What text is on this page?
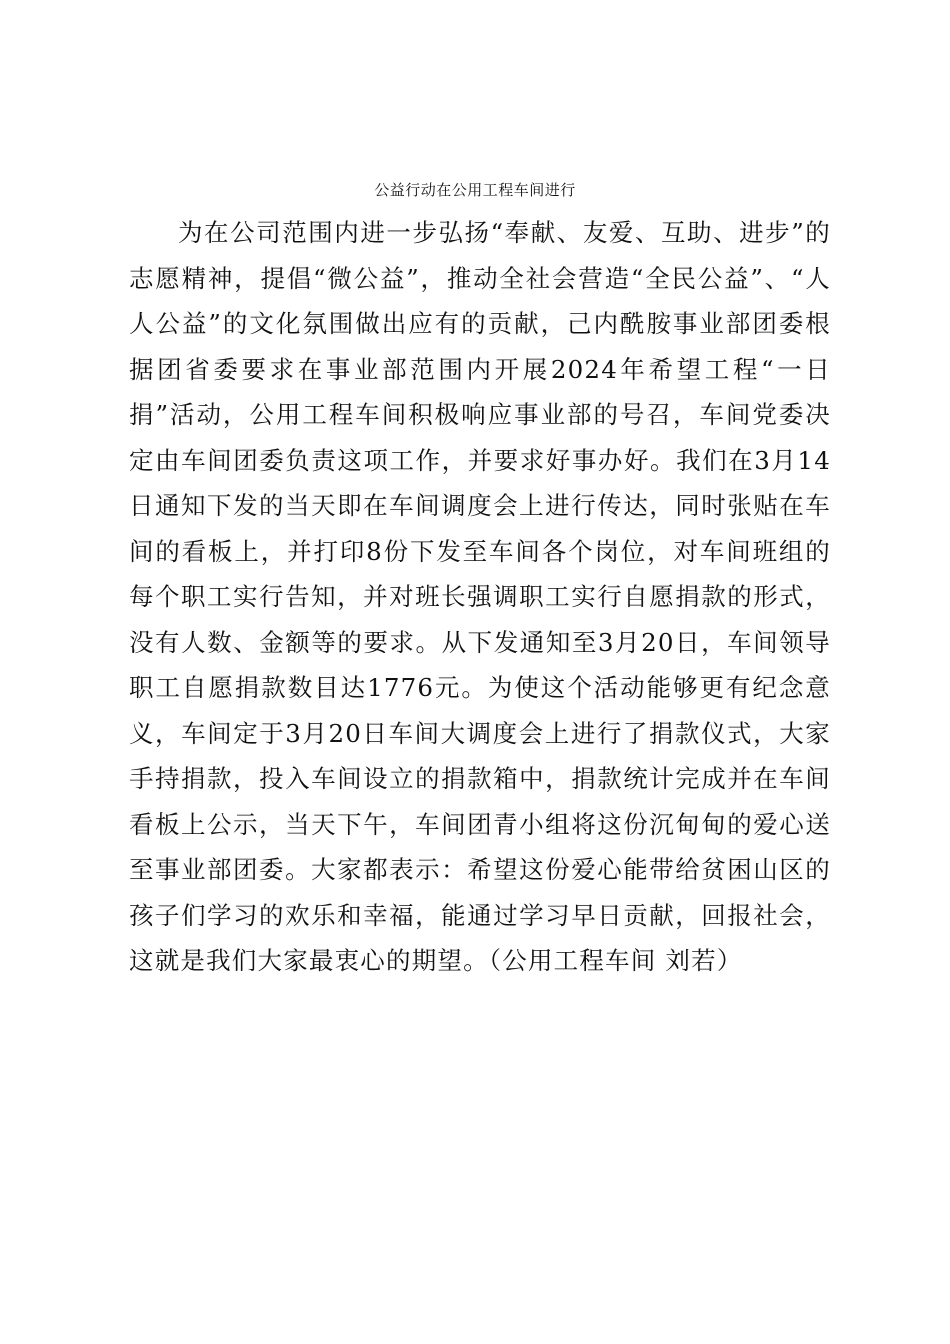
公益行动在公用工程车间进行

为在公司范围内进一步弘扬“奉献、友爱、互助、进步”的志愿精神，提倡“微公益”，推动全社会营造“全民公益”、“人人公益”的文化氛围做出应有的贡献，己内酰胺事业部团委根据团省委要求在事业部范围内开展2024年希望工程“一日捐”活动，公用工程车间积极响应事业部的号召，车间党委决定由车间团委负责这项工作，并要求好事办好。我们在3月14日通知下发的当天即在车间调度会上进行传达，同时张贴在车间的看板上，并打印8份下发至车间各个岗位，对车间班组的每个职工实行告知，并对班长强调职工实行自愿捐款的形式，没有人数、金额等的要求。从下发通知至3月20日，车间领导职工自愿捐款数目达1776元。为使这个活动能够更有纪念意义，车间定于3月20日车间大调度会上进行了捐款仪式，大家手持捐款，投入车间设立的捐款箱中，捐款统计完成并在车间看板上公示，当天下午，车间团青小组将这份沉甸甸的爱心送至事业部团委。大家都表示：希望这份爱心能带给贫困山区的孩子们学习的欢乐和幸福，能通过学习早日贡献，回报社会，这就是我们大家最衷心的期望。（公用工程车间 刘若）
